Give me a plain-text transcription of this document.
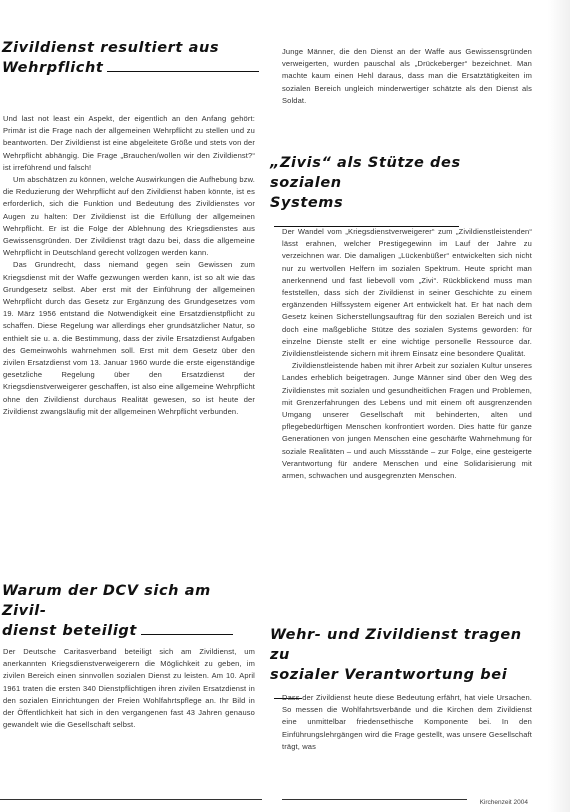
Zivildienst resultiert aus
Wehrpflicht

Und last not least ein Aspekt, der eigentlich an den Anfang gehört: Primär ist die Frage nach der allgemeinen Wehrpflicht zu stellen und zu beantworten. Der Zivildienst ist eine abgeleitete Größe und stets von der Wehrpflicht abhängig. Die Frage „Brauchen/wollen wir den Zivildienst?“ ist irreführend und falsch!

Um abschätzen zu können, welche Auswirkungen die Aufhebung bzw. die Reduzierung der Wehrpflicht auf den Zivildienst haben könnte, ist es erforderlich, sich die Funktion und Bedeutung des Zivildienstes vor Augen zu halten: Der Zivildienst ist die Erfüllung der allgemeinen Wehrpflicht. Er ist die Folge der Ablehnung des Kriegsdienstes aus Gewissensgründen. Der Zivildienst trägt dazu bei, dass die allgemeine Wehrpflicht in Deutschland gerecht vollzogen werden kann.

Das Grundrecht, dass niemand gegen sein Gewissen zum Kriegsdienst mit der Waffe gezwungen werden kann, ist so alt wie das Grundgesetz selbst. Aber erst mit der Einführung der allgemeinen Wehrpflicht durch das Gesetz zur Ergänzung des Grundgesetzes vom 19. März 1956 entstand die Notwendigkeit eine Ersatzdienstpflicht zu schaffen. Diese Regelung war allerdings eher grundsätzlicher Natur, so enthielt sie u. a. die Bestimmung, dass der zivile Ersatzdienst Aufgaben des Gemeinwohls wahrnehmen soll. Erst mit dem Gesetz über den zivilen Ersatzdienst vom 13. Januar 1960 wurde die erste eigenständige gesetzliche Regelung über den Ersatzdienst der Kriegsdienstverweigerer geschaffen, ist also eine allgemeine Wehrpflicht ohne den Zivildienst durchaus Realität gewesen, so ist heute der Zivildienst zwangsläufig mit der allgemeinen Wehrpflicht verbunden.

Warum der DCV sich am Zivil-
dienst beteiligt

Der Deutsche Caritasverband beteiligt sich am Zivildienst, um anerkannten Kriegsdienstverweigerern die Möglichkeit zu geben, im zivilen Bereich einen sinnvollen sozialen Dienst zu leisten. Am 10. April 1961 traten die ersten 340 Dienstpflichtigen ihren zivilen Ersatzdienst in den sozialen Einrichtungen der Freien Wohlfahrtspflege an. Ihr Bild in der Öffentlichkeit hat sich in den vergangenen fast 43 Jahren genauso gewandelt wie die Gesellschaft selbst.

Junge Männer, die den Dienst an der Waffe aus Gewissensgründen verweigerten, wurden pauschal als „Drückeberger“ bezeichnet. Man machte kaum einen Hehl daraus, dass man die Ersatztätigkeiten im sozialen Bereich ungleich minderwertiger schätzte als den Dienst als Soldat.

„Zivis“ als Stütze des sozialen
Systems

Der Wandel vom „Kriegsdienstverweigerer“ zum „Zivildienstleistenden“ lässt erahnen, welcher Prestigegewinn im Lauf der Jahre zu verzeichnen war. Die damaligen „Lückenbüßer“ entwickelten sich nicht nur zu wertvollen Helfern im sozialen Spektrum. Heute spricht man anerkennend und fast liebevoll vom „Zivi“. Rückblickend muss man feststellen, dass sich der Zivildienst in seiner Geschichte zu einem ergänzenden Hilfssystem eigener Art entwickelt hat. Er hat nach dem Gesetz keinen Sicherstellungsauftrag für den sozialen Bereich und ist doch eine maßgebliche Stütze des sozialen Systems geworden: für einzelne Dienste stellt er eine wichtige personelle Ressource dar. Zivildienstleistende sichern mit ihrem Einsatz eine besondere Qualität.

Zivildienstleistende haben mit ihrer Arbeit zur sozialen Kultur unseres Landes erheblich beigetragen. Junge Männer sind über den Weg des Zivildienstes mit sozialen und gesundheitlichen Fragen und Problemen, mit Grenzerfahrungen des Lebens und mit einem oft ausgrenzenden Umgang unserer Gesellschaft mit behinderten, alten und pflegebedürftigen Menschen konfrontiert worden. Dies hatte für ganze Generationen von jungen Menschen eine geschärfte Wahrnehmung für soziale Realitäten – und auch Missstände – zur Folge, eine gesteigerte Verantwortung für andere Menschen und eine Solidarisierung mit armen, schwachen und ausgegrenzten Menschen.

Wehr- und Zivildienst tragen zu
sozialer Verantwortung bei

Dass der Zivildienst heute diese Bedeutung erfährt, hat viele Ursachen. So messen die Wohlfahrtsverbände und die Kirchen dem Zivildienst eine unmittelbar friedensethische Komponente bei. In den Einführungslehrgängen wird die Frage gestellt, was unsere Gesellschaft trägt, was

Kirchenzeit 2004
